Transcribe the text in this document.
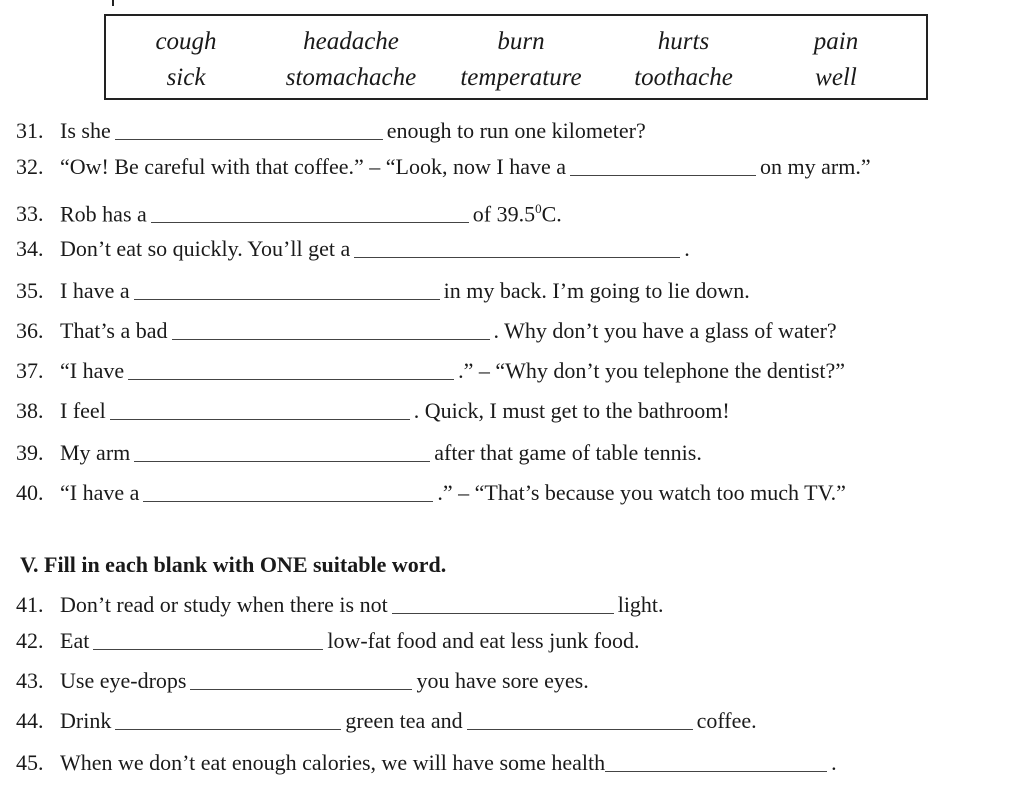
cough	headache	burn	hurts	pain
sick	stomachache	temperature	toothache	well
31. Is she	enough to run one kilometer?
32. “Ow! Be careful with that coffee.” – “Look, now I have a	on my arm.”
33. Rob has a	of 39.5$^0$C.
34. Don’t eat so quickly. You’ll get a	.
35. I have a	in my back. I’m going to lie down.
36. That’s a bad	. Why don’t you have a glass of water?
37. “I have	.” – “Why don’t you telephone the dentist?”
38. I feel	. Quick, I must get to the bathroom!
39. My arm	after that game of table tennis.
40. “I have a	.” – “That’s because you watch too much TV.”
V. Fill in each blank with ONE suitable word.
41. Don’t read or study when there is not	light.
42. Eat	low-fat food and eat less junk food.
43. Use eye-drops	you have sore eyes.
44. Drink	green tea and	coffee.
45. When we don’t eat enough calories, we will have some health	.
